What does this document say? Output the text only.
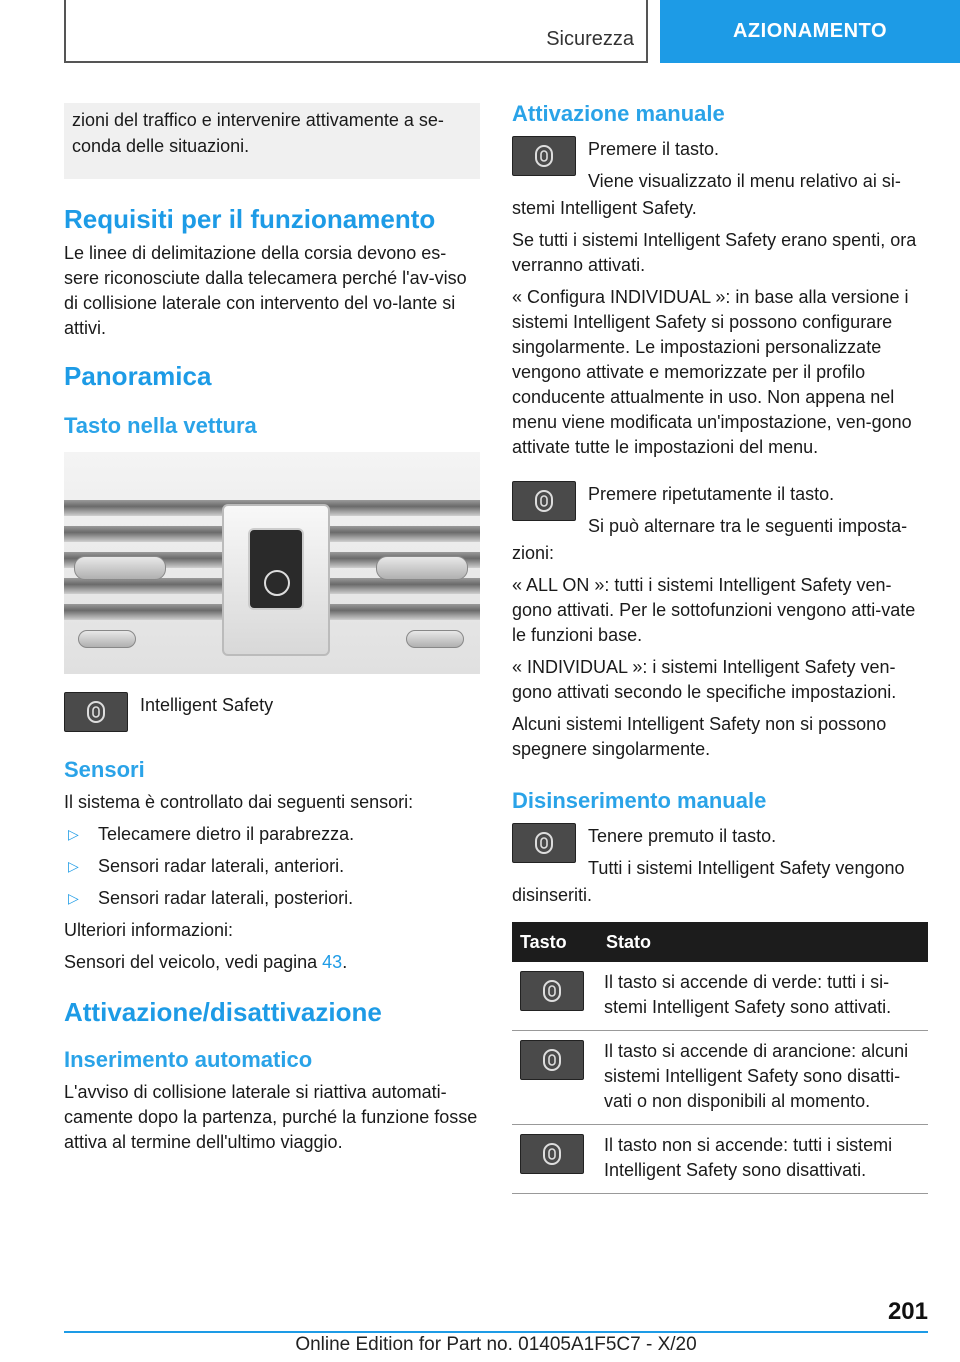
Sicurezza	AZIONAMENTO
zioni del traffico e intervenire attivamente a se-conda delle situazioni.
Requisiti per il funzionamento

Le linee di delimitazione della corsia devono es-sere riconosciute dalla telecamera perché l'av-viso di collisione laterale con intervento del vo-lante si attivi.

Panoramica
Tasto nella vettura
Intelligent Safety
Sensori

Il sistema è controllato dai seguenti sensori:

▷	Telecamere dietro il parabrezza.
▷	Sensori radar laterali, anteriori.
▷	Sensori radar laterali, posteriori.

Ulteriori informazioni:

Sensori del veicolo, vedi pagina 43.

Attivazione/disattivazione
Inserimento automatico

L'avviso di collisione laterale si riattiva automati-camente dopo la partenza, purché la funzione fosse attiva al termine dell'ultimo viaggio.

Attivazione manuale

Premere il tasto.

Viene visualizzato il menu relativo ai si-

stemi Intelligent Safety.

Se tutti i sistemi Intelligent Safety erano spenti, ora verranno attivati.

« Configura INDIVIDUAL »: in base alla versione i sistemi Intelligent Safety si possono configurare singolarmente. Le impostazioni personalizzate vengono attivate e memorizzate per il profilo conducente attualmente in uso. Non appena nel menu viene modificata un'impostazione, ven-gono attivate tutte le impostazioni del menu.

Premere ripetutamente il tasto.

Si può alternare tra le seguenti imposta-

zioni:

« ALL ON »: tutti i sistemi Intelligent Safety ven-gono attivati. Per le sottofunzioni vengono atti-vate le funzioni base.

« INDIVIDUAL »: i sistemi Intelligent Safety ven-gono attivati secondo le specifiche impostazioni.

Alcuni sistemi Intelligent Safety non si possono spegnere singolarmente.

Disinserimento manuale

Tenere premuto il tasto.

Tutti i sistemi Intelligent Safety vengono

disinseriti.

Tasto	Stato

	Il tasto si accende di verde: tutti i si-stemi Intelligent Safety sono attivati.

	Il tasto si accende di arancione: alcuni sistemi Intelligent Safety sono disatti-vati o non disponibili al momento.

	Il tasto non si accende: tutti i sistemi Intelligent Safety sono disattivati.
201
Online Edition for Part no. 01405A1F5C7 - X/20
